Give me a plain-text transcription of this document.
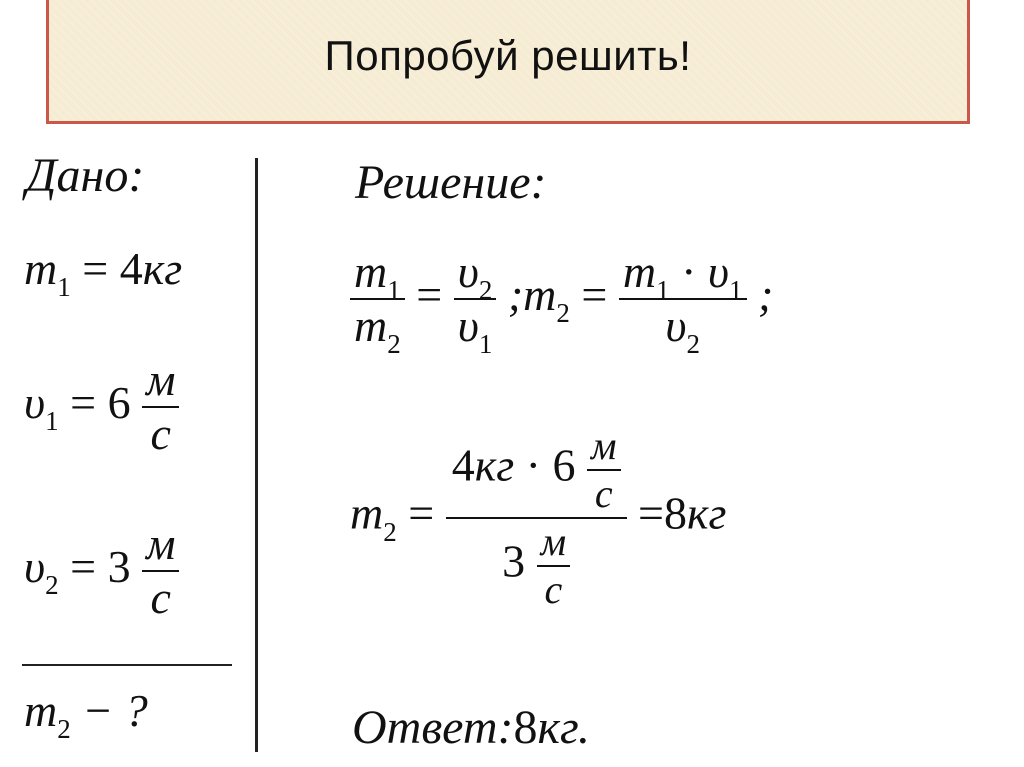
Попробуй решить!
Дано:
$m_1 = 4кг$
$\upsilon_1 = 6 \frac{м}{с}$
$\upsilon_2 = 3 \frac{м}{с}$
$m_2$ − ?
Решение:
$\frac{m_1}{m_2} = \frac{\upsilon_2}{\upsilon_1}$ $;m_2 = \frac{m_1 \cdot \upsilon_1}{\upsilon_2}$ ;
$m_2 = \frac{4кг \cdot 6 \frac{м}{с}}{3 \frac{м}{с}} =8кг$
Ответ:8кг.
